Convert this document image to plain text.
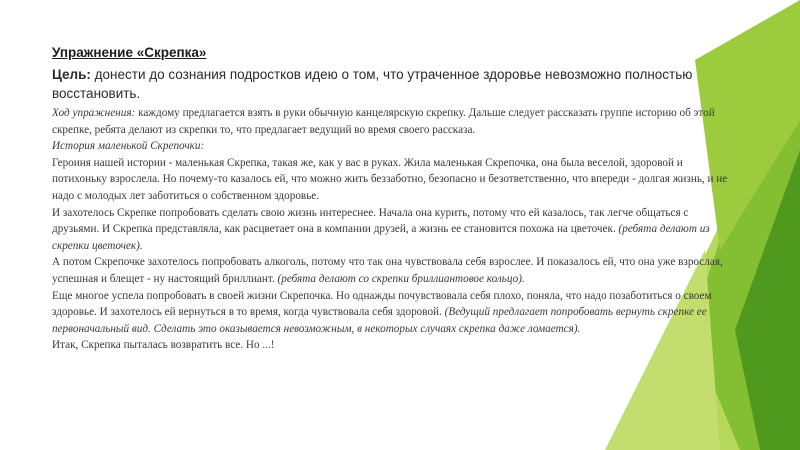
Упражнение «Скрепка»

Цель: донести до сознания подростков идею о том, что утраченное здоровье невозможно полностью восстановить.

Ход упражнения: каждому предлагается взять в руки обычную канцелярскую скрепку. Дальше следует рассказать группе историю об этой скрепке, ребята делают из скрепки то, что предлагает ведущий во время своего рассказа.

История маленькой Скрепочки:

Героиня нашей истории - маленькая Скрепка, такая же, как у вас в руках. Жила маленькая Скрепочка, она была веселой, здоровой и потихоньку взрослела. Но почему-то казалось ей, что можно жить беззаботно, безопасно и безответственно, что впереди - долгая жизнь, и не надо с молодых лет заботиться о собственном здоровье.

И захотелось Скрепке попробовать сделать свою жизнь интереснее. Начала она курить, потому что ей казалось, так легче общаться с друзьями. И Скрепка представляла, как расцветает она в компании друзей, а жизнь ее становится похожа на цветочек. (ребята делают из скрепки цветочек).

А потом Скрепочке захотелось попробовать алкоголь, потому что так она чувствовала себя взрослее. И показалось ей, что она уже взрослая, успешная и блещет - ну настоящий бриллиант. (ребята делают со скрепки бриллиантовое кольцо).

Еще многое успела попробовать в своей жизни Скрепочка. Но однажды почувствовала себя плохо, поняла, что надо позаботиться о своем здоровье. И захотелось ей вернуться в то время, когда чувствовала себя здоровой. (Ведущий предлагает попробовать вернуть скрепке ее первоначальный вид. Сделать это оказывается невозможным, в некоторых случаях скрепка даже ломается).

Итак, Скрепка пыталась возвратить все. Но ...!
